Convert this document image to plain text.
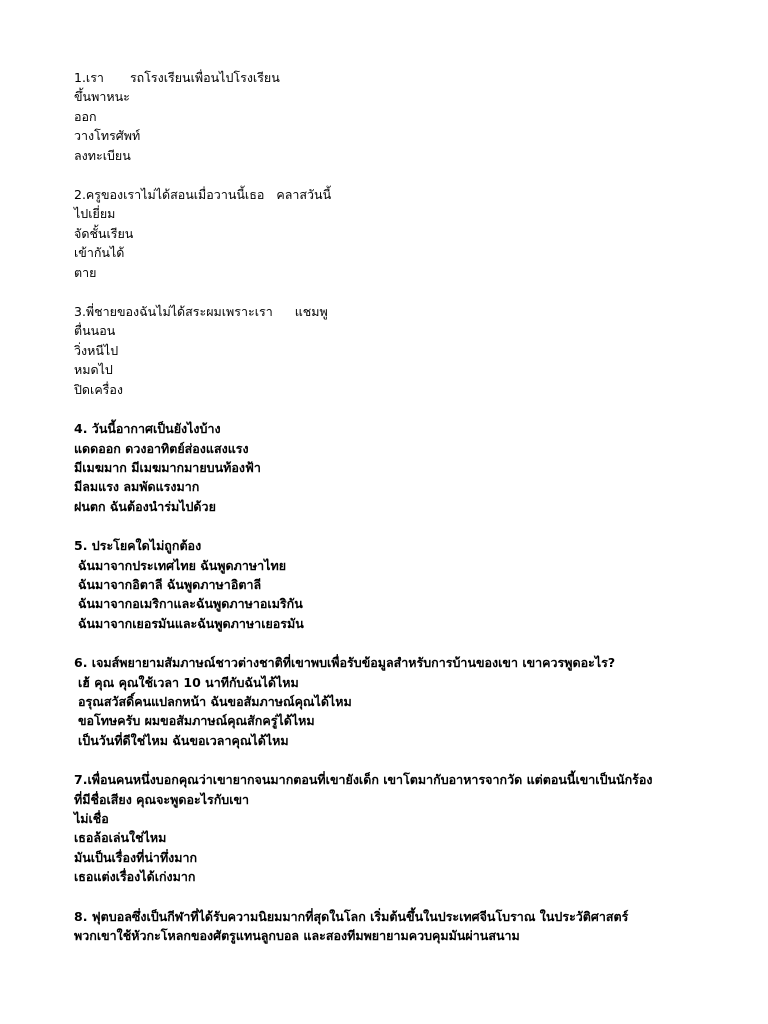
1.เรา รถโรงเรียนเพื่อนไปโรงเรียน
ขึ้นพาหนะ
ออก
วางโทรศัพท์
ลงทะเบียน
2.ครูของเราไม่ได้สอนเมื่อวานนี้เธอ คลาสวันนี้
ไปเยี่ยม
จัดชั้นเรียน
เข้ากันได้
ตาย
3.พี่ชายของฉันไม่ได้สระผมเพราะเรา แชมพู
ตื่นนอน
วิ่งหนีไป
หมดไป
ปิดเครื่อง
4. วันนี้อากาศเป็นยังไงบ้าง
แดดออก ดวงอาทิตย์ส่องแสงแรง
มีเมฆมาก มีเมฆมากมายบนท้องฟ้า
มีลมแรง ลมพัดแรงมาก
ฝนตก ฉันต้องนำร่มไปด้วย
5. ประโยคใดไม่ถูกต้อง
ฉันมาจากประเทศไทย ฉันพูดภาษาไทย
ฉันมาจากอิตาลี ฉันพูดภาษาอิตาลี
ฉันมาจากอเมริกาและฉันพูดภาษาอเมริกัน
ฉันมาจากเยอรมันและฉันพูดภาษาเยอรมัน
6. เจมส์พยายามสัมภาษณ์ชาวต่างชาติที่เขาพบเพื่อรับข้อมูลสำหรับการบ้านของเขา เขาควรพูดอะไร?
เฮ้ คุณ คุณใช้เวลา 10 นาทีกับฉันได้ไหม
อรุณสวัสดิ์คนแปลกหน้า ฉันขอสัมภาษณ์คุณได้ไหม
ขอโทษครับ ผมขอสัมภาษณ์คุณสักครู่ได้ไหม
เป็นวันที่ดีใช่ไหม ฉันขอเวลาคุณได้ไหม
7.เพื่อนคนหนึ่งบอกคุณว่าเขายากจนมากตอนที่เขายังเด็ก เขาโตมากับอาหารจากวัด แต่ตอนนี้เขาเป็นนักร้อง
ที่มีชื่อเสียง คุณจะพูดอะไรกับเขา
ไม่เชื่อ
เธอล้อเล่นใช่ไหม
มันเป็นเรื่องที่น่าทึ่งมาก
เธอแต่งเรื่องได้เก่งมาก
8. ฟุตบอลซึ่งเป็นกีฬาที่ได้รับความนิยมมากที่สุดในโลก เริ่มต้นขึ้นในประเทศจีนโบราณ ในประวัติศาสตร์
พวกเขาใช้หัวกะโหลกของศัตรูแทนลูกบอล และสองทีมพยายามควบคุมมันผ่านสนาม
